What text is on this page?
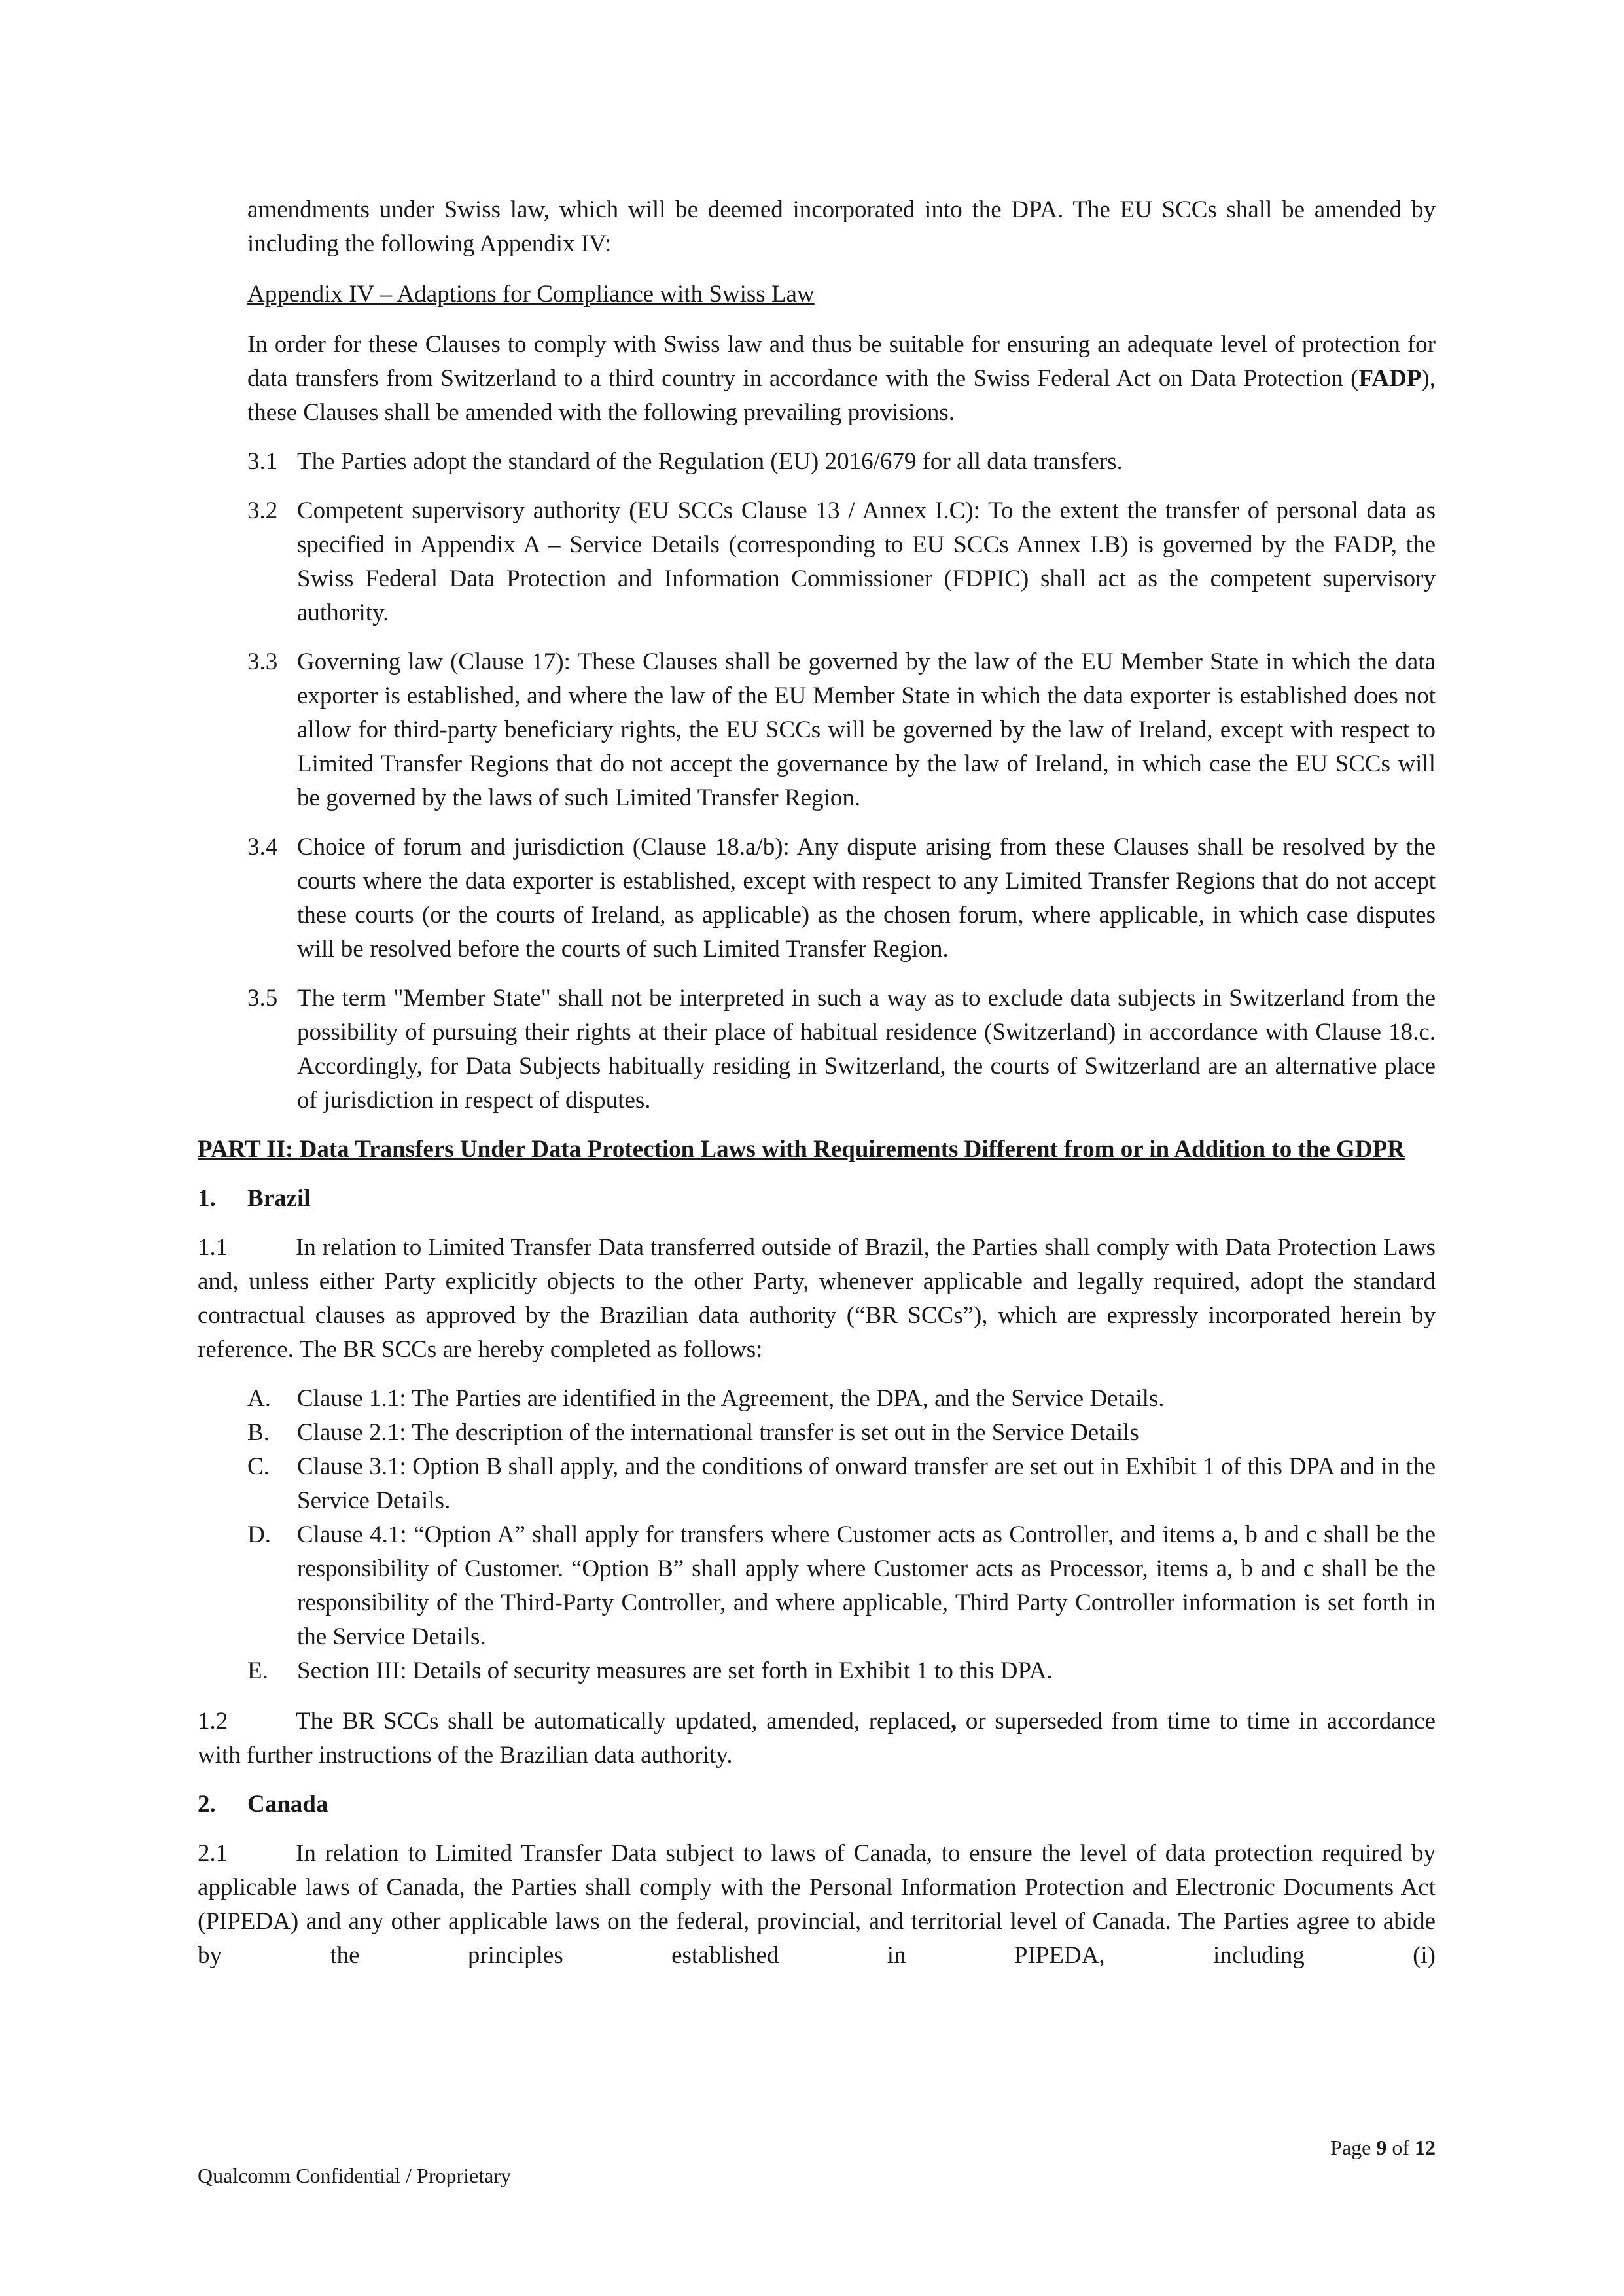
amendments under Swiss law, which will be deemed incorporated into the DPA. The EU SCCs shall be amended by including the following Appendix IV:

Appendix IV – Adaptions for Compliance with Swiss Law

In order for these Clauses to comply with Swiss law and thus be suitable for ensuring an adequate level of protection for data transfers from Switzerland to a third country in accordance with the Swiss Federal Act on Data Protection (FADP), these Clauses shall be amended with the following prevailing provisions.

3.1 The Parties adopt the standard of the Regulation (EU) 2016/679 for all data transfers.
3.2 Competent supervisory authority (EU SCCs Clause 13 / Annex I.C): To the extent the transfer of personal data as specified in Appendix A – Service Details (corresponding to EU SCCs Annex I.B) is governed by the FADP, the Swiss Federal Data Protection and Information Commissioner (FDPIC) shall act as the competent supervisory authority.
3.3 Governing law (Clause 17): These Clauses shall be governed by the law of the EU Member State in which the data exporter is established, and where the law of the EU Member State in which the data exporter is established does not allow for third-party beneficiary rights, the EU SCCs will be governed by the law of Ireland, except with respect to Limited Transfer Regions that do not accept the governance by the law of Ireland, in which case the EU SCCs will be governed by the laws of such Limited Transfer Region.
3.4 Choice of forum and jurisdiction (Clause 18.a/b): Any dispute arising from these Clauses shall be resolved by the courts where the data exporter is established, except with respect to any Limited Transfer Regions that do not accept these courts (or the courts of Ireland, as applicable) as the chosen forum, where applicable, in which case disputes will be resolved before the courts of such Limited Transfer Region.
3.5 The term "Member State" shall not be interpreted in such a way as to exclude data subjects in Switzerland from the possibility of pursuing their rights at their place of habitual residence (Switzerland) in accordance with Clause 18.c. Accordingly, for Data Subjects habitually residing in Switzerland, the courts of Switzerland are an alternative place of jurisdiction in respect of disputes.

PART II: Data Transfers Under Data Protection Laws with Requirements Different from or in Addition to the GDPR

1.	Brazil

1.1	In relation to Limited Transfer Data transferred outside of Brazil, the Parties shall comply with Data Protection Laws and, unless either Party explicitly objects to the other Party, whenever applicable and legally required, adopt the standard contractual clauses as approved by the Brazilian data authority (“BR SCCs”), which are expressly incorporated herein by reference. The BR SCCs are hereby completed as follows:

A.	Clause 1.1: The Parties are identified in the Agreement, the DPA, and the Service Details.
B.	Clause 2.1: The description of the international transfer is set out in the Service Details
C.	Clause 3.1: Option B shall apply, and the conditions of onward transfer are set out in Exhibit 1 of this DPA and in the Service Details.
D.	Clause 4.1: “Option A” shall apply for transfers where Customer acts as Controller, and items a, b and c shall be the responsibility of Customer. “Option B” shall apply where Customer acts as Processor, items a, b and c shall be the responsibility of the Third-Party Controller, and where applicable, Third Party Controller information is set forth in the Service Details.
E.	Section III: Details of security measures are set forth in Exhibit 1 to this DPA.

1.2	The BR SCCs shall be automatically updated, amended, replaced, or superseded from time to time in accordance with further instructions of the Brazilian data authority.

2.	Canada

2.1	In relation to Limited Transfer Data subject to laws of Canada, to ensure the level of data protection required by applicable laws of Canada, the Parties shall comply with the Personal Information Protection and Electronic Documents Act (PIPEDA) and any other applicable laws on the federal, provincial, and territorial level of Canada. The Parties agree to abide by the principles established in PIPEDA, including (i)

Page 9 of 12
Qualcomm Confidential / Proprietary
